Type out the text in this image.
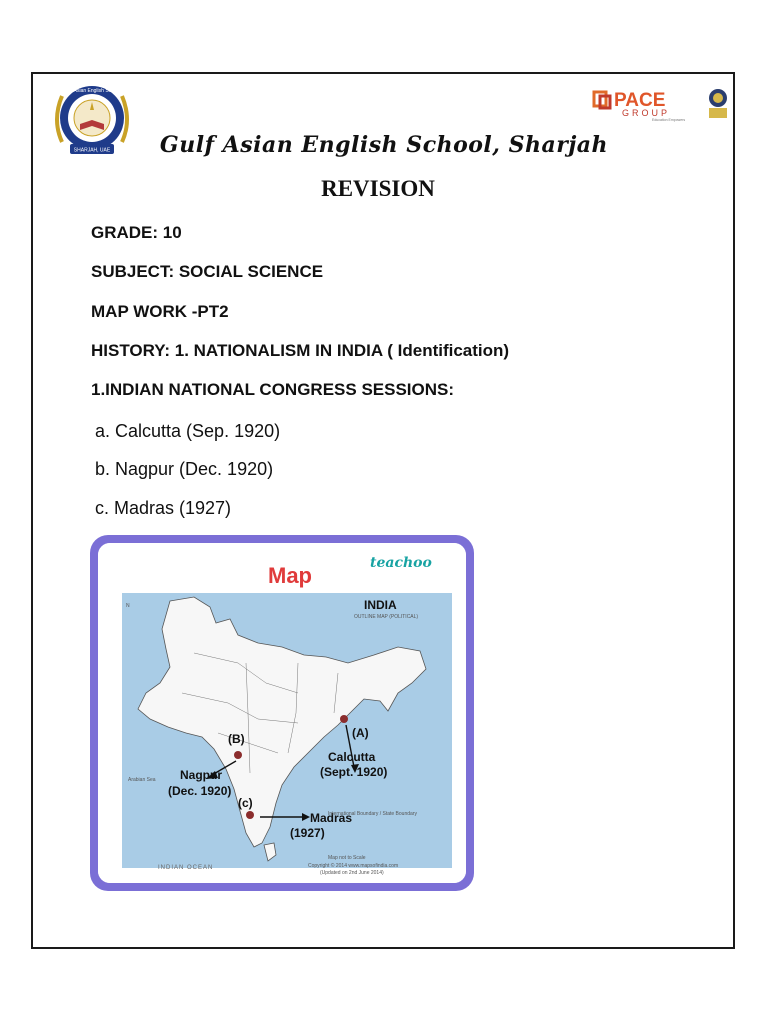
SHARJAH, UAE
Gulf Asian English School	PACE
GROUP
Education Empowers
Gulf Asian English School, Sharjah
REVISION
GRADE: 10
SUBJECT: SOCIAL SCIENCE
MAP WORK -PT2
HISTORY: 1. NATIONALISM IN INDIA ( Identification)
1.INDIAN NATIONAL CONGRESS SESSIONS:
a. Calcutta (Sep. 1920)
b. Nagpur (Dec. 1920)
c. Madras (1927)
Map	teachoo
INDIA
OUTLINE MAP (POLITICAL)
N
Arabian Sea
INDIAN OCEAN
(A)
Calcutta
(Sept. 1920)
(B)
Nagpur
(Dec. 1920)
(c)
Madras
(1927)
International Boundary / State Boundary
Map not to Scale
Copyright © 2014 www.mapsofindia.com
(Updated on 2nd June 2014)
